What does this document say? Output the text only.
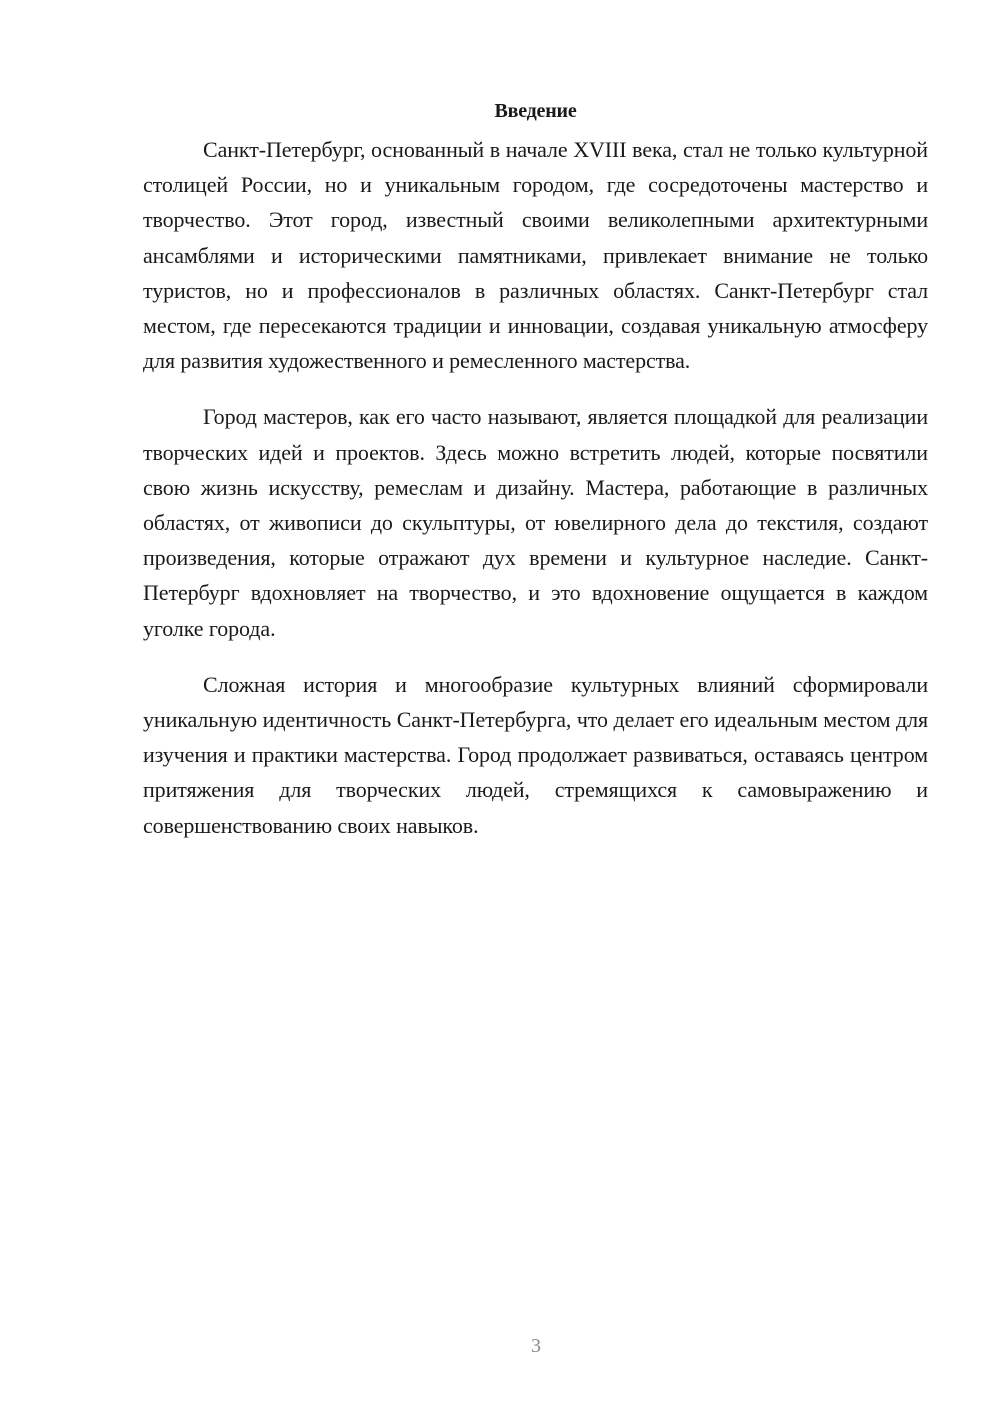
Введение

Санкт-Петербург, основанный в начале XVIII века, стал не только культурной столицей России, но и уникальным городом, где сосредоточены мастерство и творчество. Этот город, известный своими великолепными архитектурными ансамблями и историческими памятниками, привлекает внимание не только туристов, но и профессионалов в различных областях. Санкт-Петербург стал местом, где пересекаются традиции и инновации, создавая уникальную атмосферу для развития художественного и ремесленного мастерства.

Город мастеров, как его часто называют, является площадкой для реализации творческих идей и проектов. Здесь можно встретить людей, которые посвятили свою жизнь искусству, ремеслам и дизайну. Мастера, работающие в различных областях, от живописи до скульптуры, от ювелирного дела до текстиля, создают произведения, которые отражают дух времени и культурное наследие. Санкт-Петербург вдохновляет на творчество, и это вдохновение ощущается в каждом уголке города.

Сложная история и многообразие культурных влияний сформировали уникальную идентичность Санкт-Петербурга, что делает его идеальным местом для изучения и практики мастерства. Город продолжает развиваться, оставаясь центром притяжения для творческих людей, стремящихся к самовыражению и совершенствованию своих навыков.

3
